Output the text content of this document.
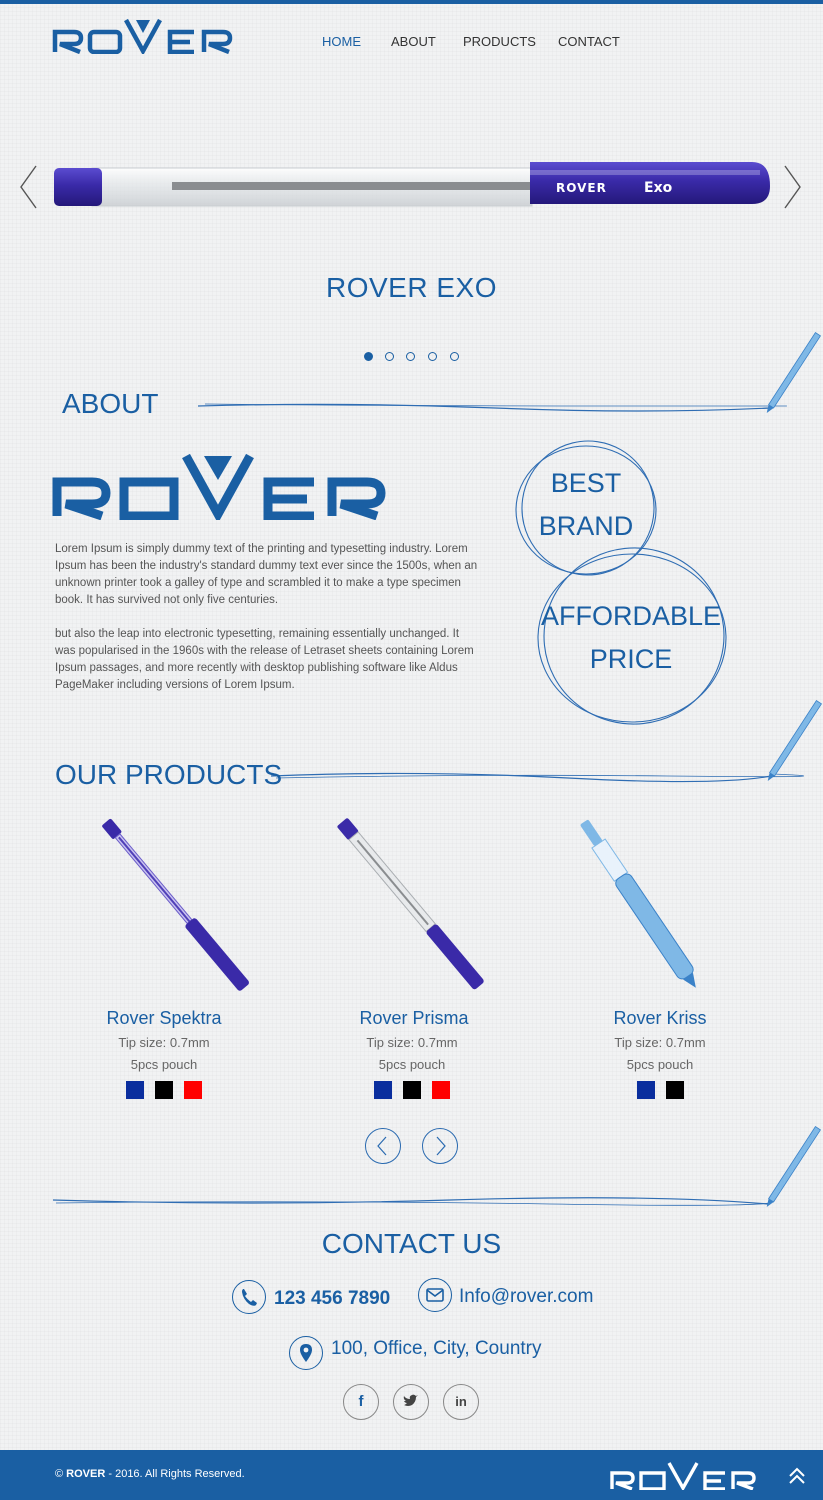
HOME ABOUT PRODUCTS CONTACT
ROVER	Exo
ROVER EXO
ABOUT
Lorem Ipsum is simply dummy text of the printing and typesetting industry. Lorem Ipsum has been the industry's standard dummy text ever since the 1500s, when an unknown printer took a galley of type and scrambled it to make a type specimen book. It has survived not only five centuries.
but also the leap into electronic typesetting, remaining essentially unchanged. It was popularised in the 1960s with the release of Letraset sheets containing Lorem Ipsum passages, and more recently with desktop publishing software like Aldus PageMaker including versions of Lorem Ipsum.
BEST
BRAND
AFFORDABLE
PRICE
OUR PRODUCTS
Rover Spektra
Tip size: 0.7mm
5pcs pouch
Rover Prisma
Tip size: 0.7mm
5pcs pouch
Rover Kriss
Tip size: 0.7mm
5pcs pouch
CONTACT US
123 456 7890	Info@rover.com
100, Office, City, Country
f	in
© ROVER - 2016. All Rights Reserved.
